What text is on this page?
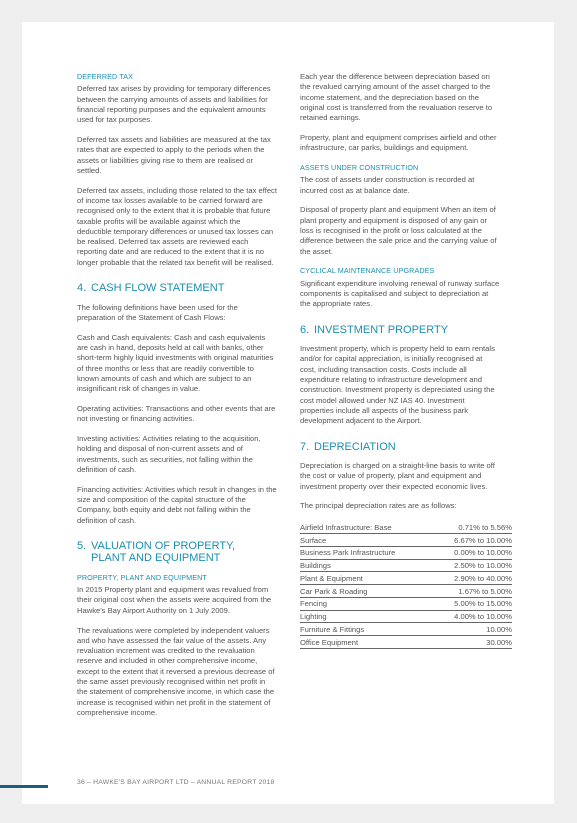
DEFERRED TAX

Deferred tax arises by providing for temporary differences between the carrying amounts of assets and liabilities for financial reporting purposes and the equivalent amounts used for tax purposes.

Deferred tax assets and liabilities are measured at the tax rates that are expected to apply to the periods when the assets or liabilities giving rise to them are realised or settled.

Deferred tax assets, including those related to the tax effect of income tax losses available to be carried forward are recognised only to the extent that it is probable that future taxable profits will be available against which the deductible temporary differences or unused tax losses can be realised. Deferred tax assets are reviewed each reporting date and are reduced to the extent that it is no longer probable that the related tax benefit will be realised.

4. CASH FLOW STATEMENT

The following definitions have been used for the preparation of the Statement of Cash Flows:

Cash and Cash equivalents: Cash and cash equivalents are cash in hand, deposits held at call with banks, other short-term highly liquid investments with original maturities of three months or less that are readily convertible to known amounts of cash and which are subject to an insignificant risk of changes in value.

Operating activities: Transactions and other events that are not investing or financing activities.

Investing activities: Activities relating to the acquisition, holding and disposal of non-current assets and of investments, such as securities, not falling within the definition of cash.

Financing activities: Activities which result in changes in the size and composition of the capital structure of the Company, both equity and debt not falling within the definition of cash.

5. VALUATION OF PROPERTY,
PLANT AND EQUIPMENT
PROPERTY, PLANT AND EQUIPMENT

In 2015 Property plant and equipment was revalued from their original cost when the assets were acquired from the Hawke's Bay Airport Authority on 1 July 2009.

The revaluations were completed by independent valuers and who have assessed the fair value of the assets. Any revaluation increment was credited to the revaluation reserve and included in other comprehensive income, except to the extent that it reversed a previous decrease of the same asset previously recognised within net profit in the statement of comprehensive income, in which case the increase is recognised within net profit in the statement of comprehensive income.

Each year the difference between depreciation based on the revalued carrying amount of the asset charged to the income statement, and the depreciation based on the original cost is transferred from the revaluation reserve to retained earnings.

Property, plant and equipment comprises airfield and other infrastructure, car parks, buildings and equipment.

ASSETS UNDER CONSTRUCTION

The cost of assets under construction is recorded at incurred cost as at balance date.

Disposal of property plant and equipment When an item of plant property and equipment is disposed of any gain or loss is recognised in the profit or loss calculated at the difference between the sale price and the carrying value of the asset.

CYCLICAL MAINTENANCE UPGRADES

Significant expenditure involving renewal of runway surface components is capitalised and subject to depreciation at the appropriate rates.

6. INVESTMENT PROPERTY

Investment property, which is property held to earn rentals and/or for capital appreciation, is initially recognised at cost, including transaction costs. Costs include all expenditure relating to infrastructure development and construction. Investment property is depreciated using the cost model allowed under NZ IAS 40. Investment properties include all aspects of the business park development adjacent to the Airport.

7. DEPRECIATION

Depreciation is charged on a straight-line basis to write off the cost or value of property, plant and equipment and investment property over their expected economic lives.

The principal depreciation rates are as follows:

Airfield Infrastructure: Base	0.71% to 5.56%
Surface	6.67% to 10.00%
Business Park Infrastructure	0.00% to 10.00%
Buildings	2.50% to 10.00%
Plant & Equipment	2.90% to 40.00%
Car Park & Roading	1.67% to 5.00%
Fencing	5.00% to 15.00%
Lighting	4.00% to 10.00%
Furniture & Fittings	10.00%
Office Equipment	30.00%
36 – HAWKE'S BAY AIRPORT LTD – ANNUAL REPORT 2018
